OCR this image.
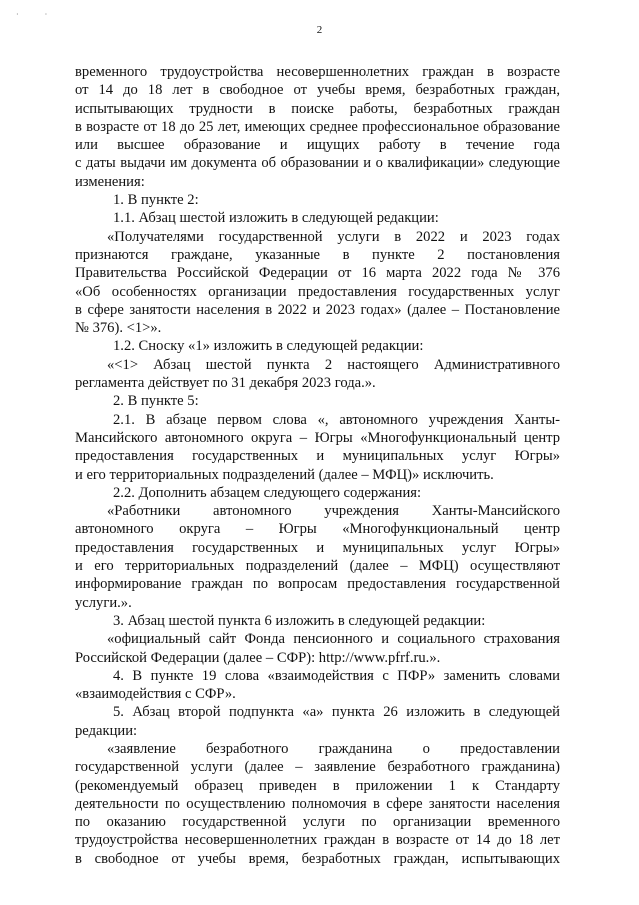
· ·
2

временного трудоустройства несовершеннолетних граждан в возрасте

от 14 до 18 лет в свободное от учебы время, безработных граждан,

испытывающих трудности в поиске работы, безработных граждан

в возрасте от 18 до 25 лет, имеющих среднее профессиональное образование

или высшее образование и ищущих работу в течение года

с даты выдачи им документа об образовании и о квалификации» следующие

изменения:

1. В пункте 2:

1.1. Абзац шестой изложить в следующей редакции:

«Получателями государственной услуги в 2022 и 2023 годах

признаются граждане, указанные в пункте 2 постановления

Правительства Российской Федерации от 16 марта 2022 года № 376

«Об особенностях организации предоставления государственных услуг

в сфере занятости населения в 2022 и 2023 годах» (далее – Постановление

№ 376). <1>».

1.2. Сноску «1» изложить в следующей редакции:

«<1> Абзац шестой пункта 2 настоящего Административного

регламента действует по 31 декабря 2023 года.».

2. В пункте 5:

2.1. В абзаце первом слова «, автономного учреждения Ханты-

Мансийского автономного округа – Югры «Многофункциональный центр

предоставления государственных и муниципальных услуг Югры»

и его территориальных подразделений (далее – МФЦ)» исключить.

2.2. Дополнить абзацем следующего содержания:

«Работники автономного учреждения Ханты-Мансийского

автономного округа – Югры «Многофункциональный центр

предоставления государственных и муниципальных услуг Югры»

и его территориальных подразделений (далее – МФЦ) осуществляют

информирование граждан по вопросам предоставления государственной

услуги.».

3. Абзац шестой пункта 6 изложить в следующей редакции:

«официальный сайт Фонда пенсионного и социального страхования

Российской Федерации (далее – СФР): http://www.pfrf.ru.».

4. В пункте 19 слова «взаимодействия с ПФР» заменить словами

«взаимодействия с СФР».

5. Абзац второй подпункта «а» пункта 26 изложить в следующей

редакции:

«заявление безработного гражданина о предоставлении

государственной услуги (далее – заявление безработного гражданина)

(рекомендуемый образец приведен в приложении 1 к Стандарту

деятельности по осуществлению полномочия в сфере занятости населения

по оказанию государственной услуги по организации временного

трудоустройства несовершеннолетних граждан в возрасте от 14 до 18 лет

в свободное от учебы время, безработных граждан, испытывающих
